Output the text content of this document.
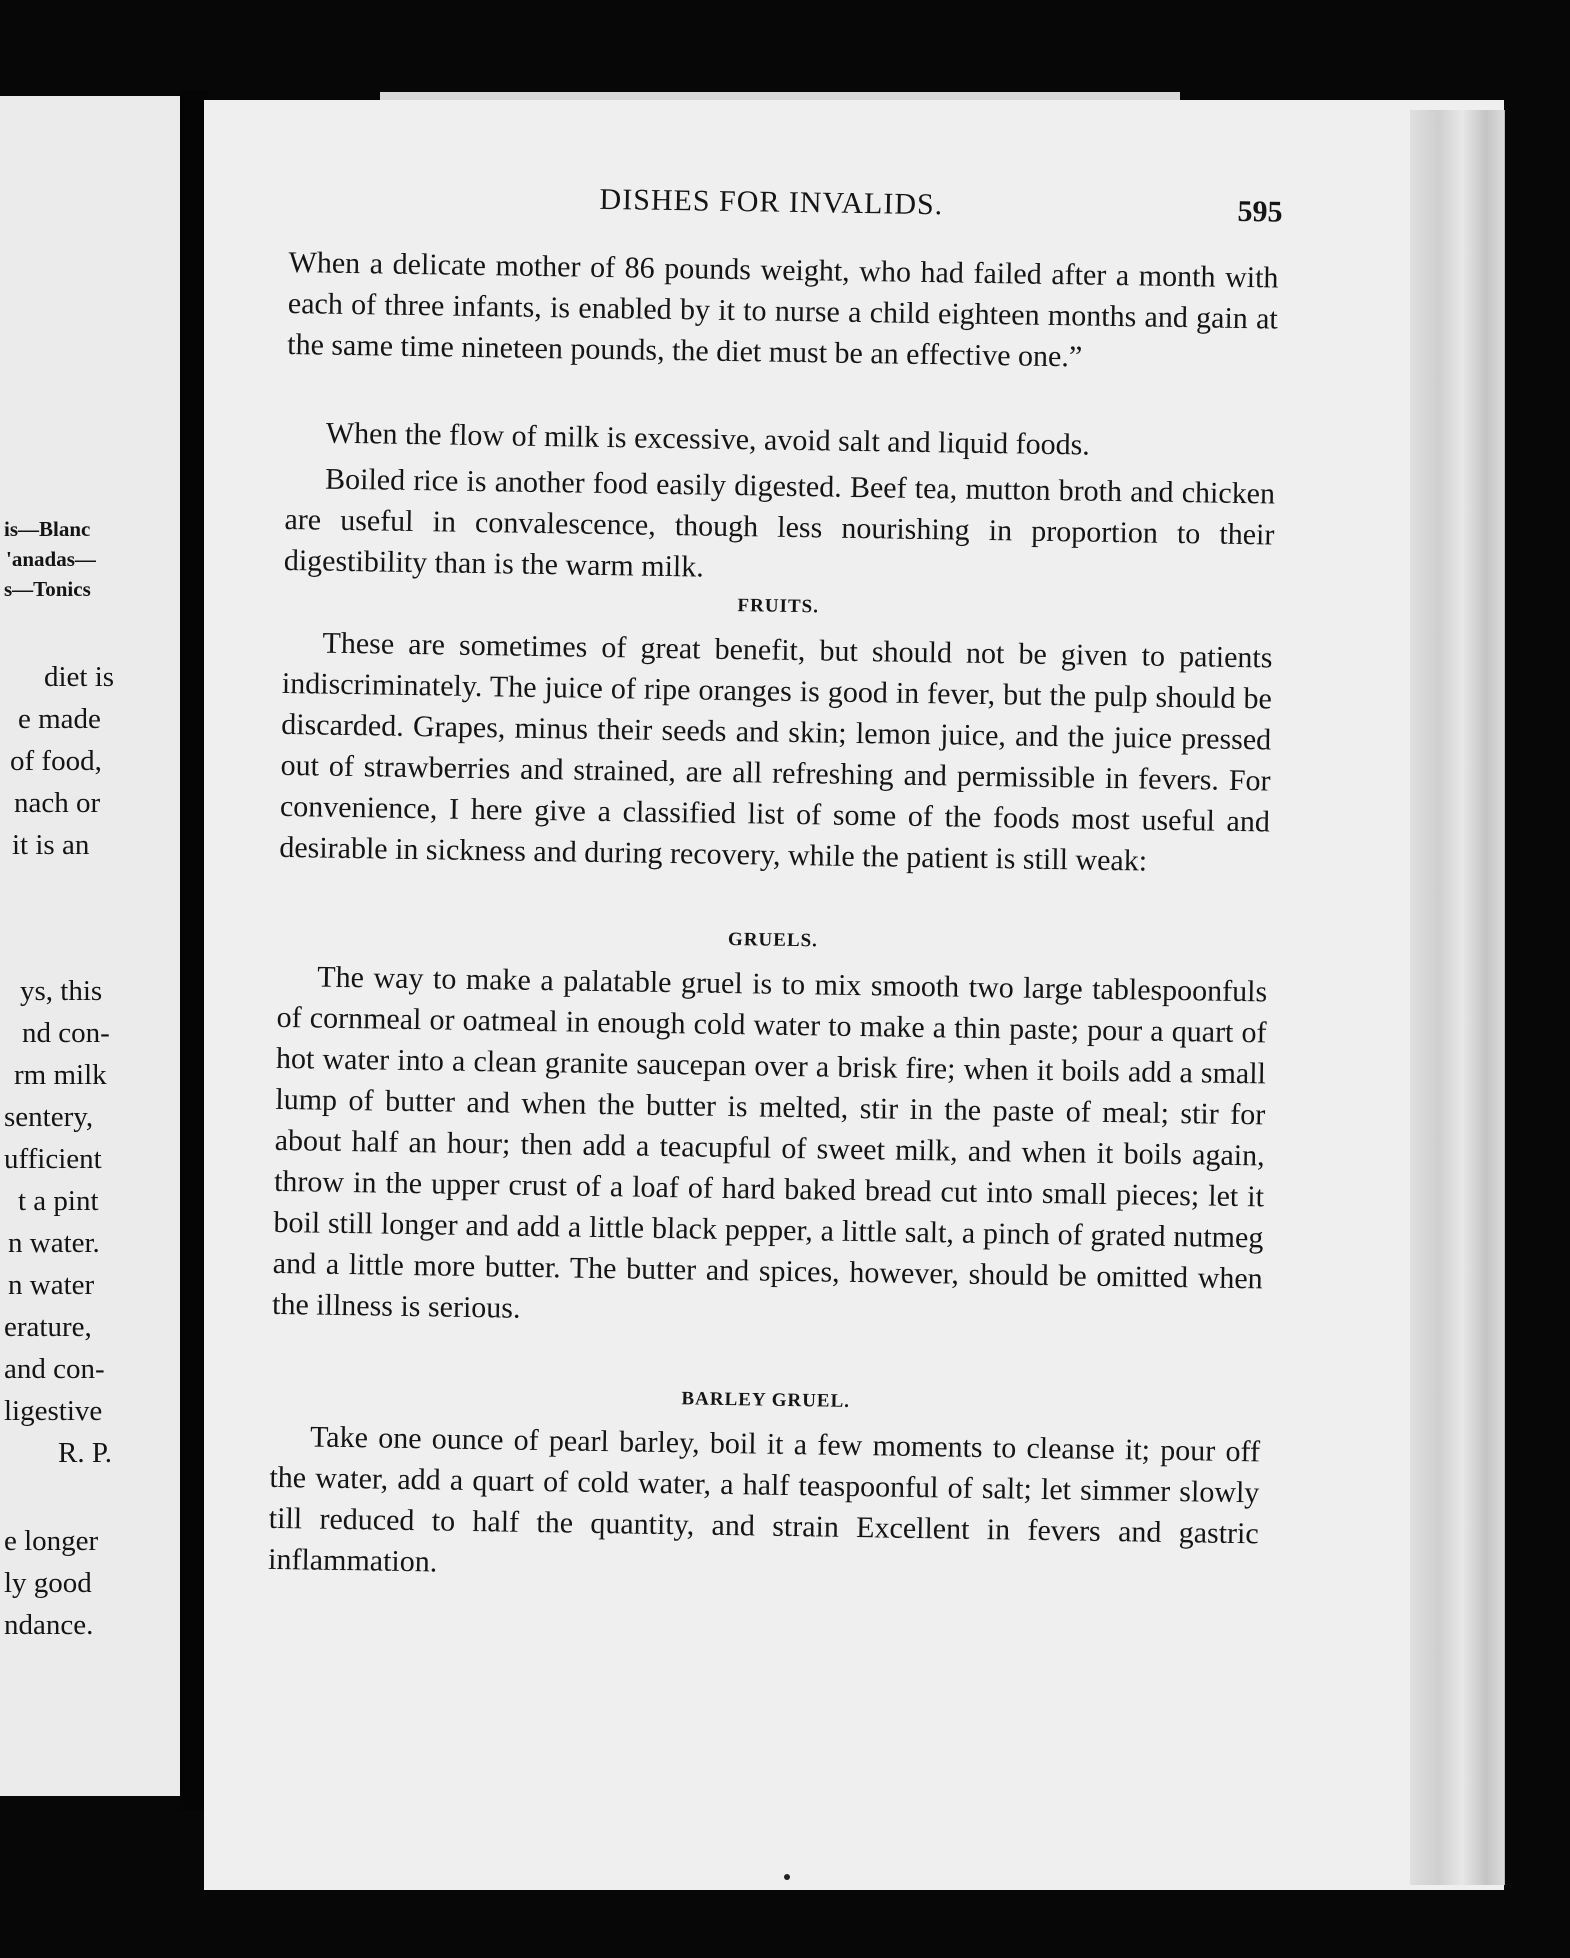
is—Blanc
'anadas—
s—Tonics
diet is
e made
of food,
nach or
it is an
ys, this
nd con-
rm milk
sentery,
ufficient
t a pint
n water.
n water
erature,
and con-
ligestive
R. P.
e longer
ly good
ndance.
DISHES FOR INVALIDS.	595

When a delicate mother of 86 pounds weight, who had failed after a month with each of three infants, is enabled by it to nurse a child eighteen months and gain at the same time nineteen pounds, the diet must be an effective one.”

When the flow of milk is excessive, avoid salt and liquid foods.

Boiled rice is another food easily digested. Beef tea, mutton broth and chicken are useful in convalescence, though less nourishing in proportion to their digestibility than is the warm milk.

FRUITS.

These are sometimes of great benefit, but should not be given to patients indiscriminately. The juice of ripe oranges is good in fever, but the pulp should be discarded. Grapes, minus their seeds and skin; lemon juice, and the juice pressed out of strawberries and strained, are all refreshing and permissible in fevers. For convenience, I here give a classified list of some of the foods most useful and desirable in sickness and during recovery, while the patient is still weak:

GRUELS.

The way to make a palatable gruel is to mix smooth two large tablespoonfuls of cornmeal or oatmeal in enough cold water to make a thin paste; pour a quart of hot water into a clean granite saucepan over a brisk fire; when it boils add a small lump of butter and when the butter is melted, stir in the paste of meal; stir for about half an hour; then add a teacupful of sweet milk, and when it boils again, throw in the upper crust of a loaf of hard baked bread cut into small pieces; let it boil still longer and add a little black pepper, a little salt, a pinch of grated nutmeg and a little more butter. The butter and spices, however, should be omitted when the illness is serious.

BARLEY GRUEL.

Take one ounce of pearl barley, boil it a few moments to cleanse it; pour off the water, add a quart of cold water, a half teaspoonful of salt; let simmer slowly till reduced to half the quantity, and strain Excellent in fevers and gastric inflammation.
